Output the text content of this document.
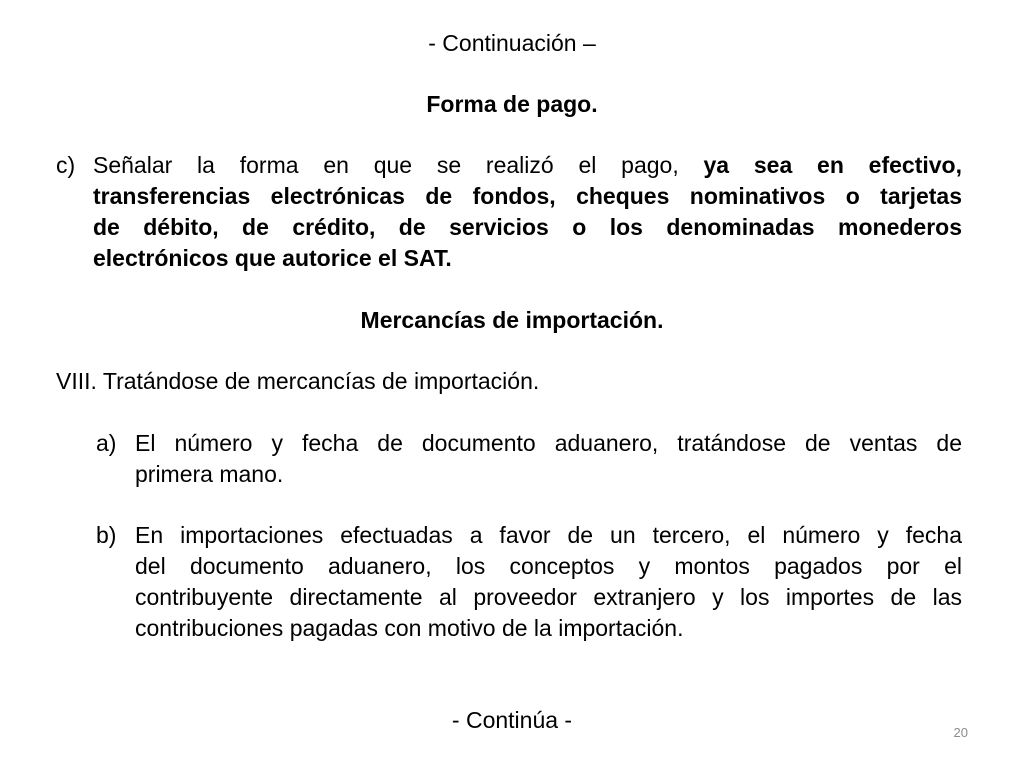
- Continuación –
Forma de pago.
c) Señalar la forma en que se realizó el pago, ya sea en efectivo,
transferencias electrónicas de fondos, cheques nominativos o tarjetas
de débito, de crédito, de servicios o los denominadas monederos
electrónicos que autorice el SAT.
Mercancías de importación.
VIII. Tratándose de mercancías de importación.
a) El número y fecha de documento aduanero, tratándose de ventas de
primera mano.
b) En importaciones efectuadas a favor de un tercero, el número y fecha
del documento aduanero, los conceptos y montos pagados por el
contribuyente directamente al proveedor extranjero y los importes de las
contribuciones pagadas con motivo de la importación.
- Continúa -	20
